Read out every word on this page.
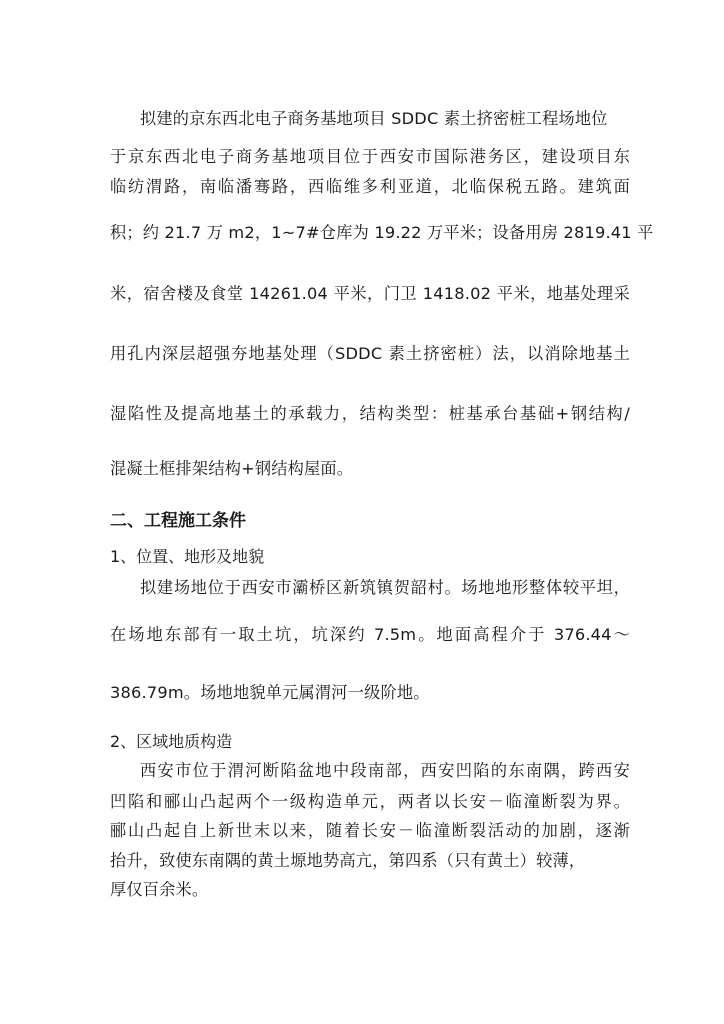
拟建的京东西北电子商务基地项目 SDDC 素土挤密桩工程场地位
于京东西北电子商务基地项目位于西安市国际港务区，建设项目东
临纺渭路，南临潘骞路，西临维多利亚道，北临保税五路。建筑面
积；约 21.7 万 m2，1~7#仓库为 19.22 万平米；设备用房 2819.41 平
米，宿舍楼及食堂 14261.04 平米，门卫 1418.02 平米，地基处理采
用孔内深层超强夯地基处理（SDDC 素土挤密桩）法，以消除地基土
湿陷性及提高地基土的承载力，结构类型：桩基承台基础+钢结构/
混凝土框排架结构+钢结构屋面。
二、工程施工条件
1、位置、地形及地貌
拟建场地位于西安市灞桥区新筑镇贺韶村。场地地形整体较平坦，
在场地东部有一取土坑，坑深约 7.5m。地面高程介于 376.44～
386.79m。场地地貌单元属渭河一级阶地。
2、区域地质构造
西安市位于渭河断陷盆地中段南部，西安凹陷的东南隅，跨西安
凹陷和郦山凸起两个一级构造单元，两者以长安－临潼断裂为界。
郦山凸起自上新世末以来，随着长安－临潼断裂活动的加剧，逐渐
抬升，致使东南隅的黄土塬地势高亢，第四系（只有黄土）较薄，
厚仅百余米。
